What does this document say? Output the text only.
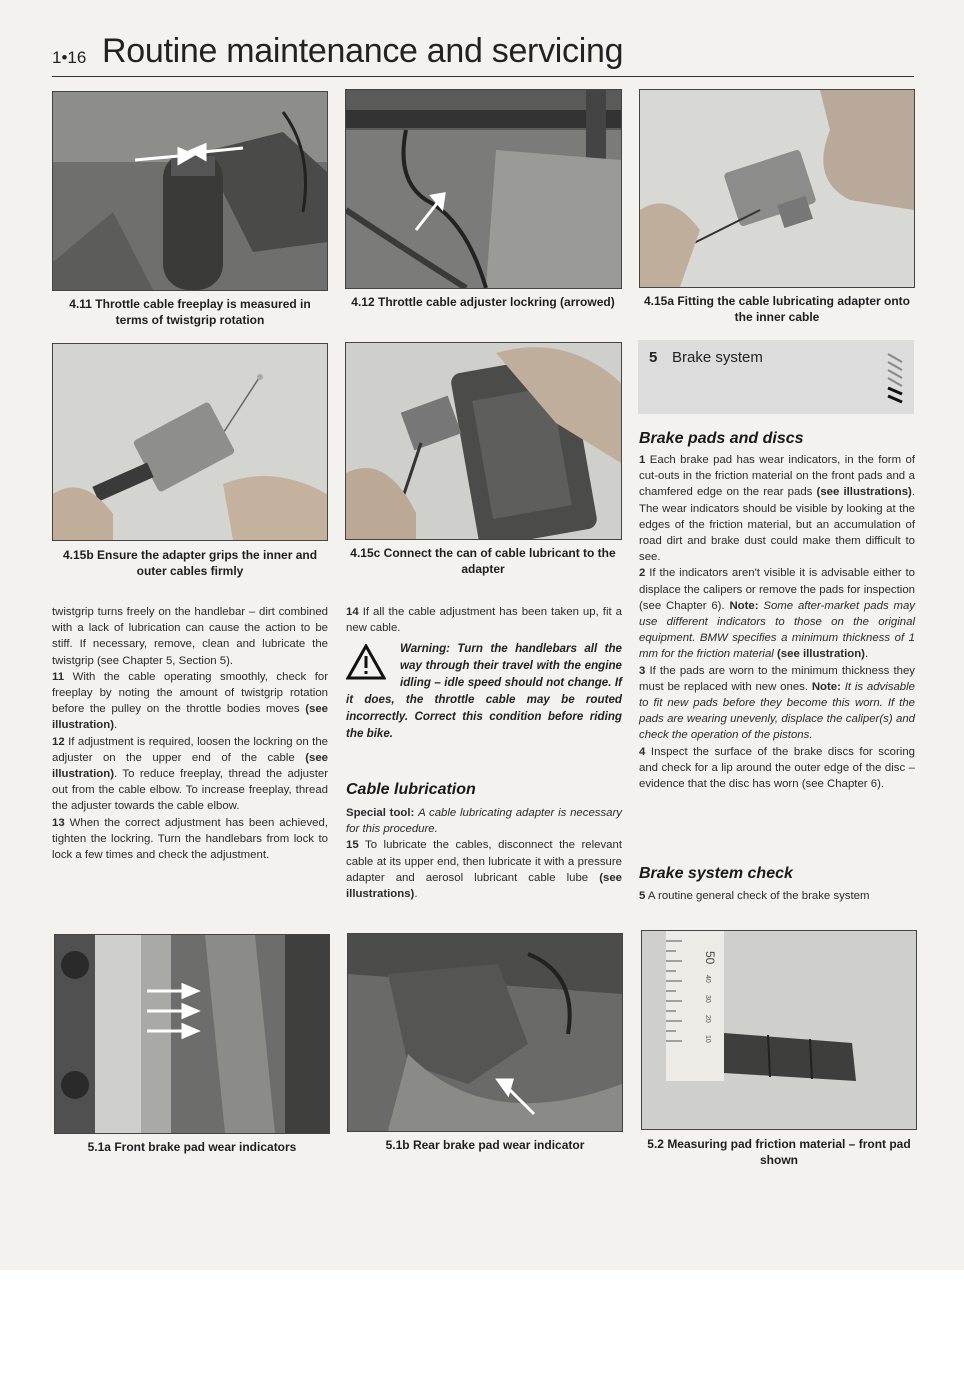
1•16 Routine maintenance and servicing
4.11 Throttle cable freeplay is measured in terms of twistgrip rotation
4.12 Throttle cable adjuster lockring (arrowed)	4.15a Fitting the cable lubricating adapter onto the inner cable
4.15b Ensure the adapter grips the inner and outer cables firmly
4.15c Connect the can of cable lubricant to the adapter
5 Brake system
Brake pads and discs

1 Each brake pad has wear indicators, in the form of cut-outs in the friction material on the front pads and a chamfered edge on the rear pads (see illustrations). The wear indicators should be visible by looking at the edges of the friction material, but an accumulation of road dirt and brake dust could make them difficult to see.

2 If the indicators aren't visible it is advisable either to displace the calipers or remove the pads for inspection (see Chapter 6). Note: Some after-market pads may use different indicators to those on the original equipment. BMW specifies a minimum thickness of 1 mm for the friction material (see illustration).

3 If the pads are worn to the minimum thickness they must be replaced with new ones. Note: It is advisable to fit new pads before they become this worn. If the pads are wearing unevenly, displace the caliper(s) and check the operation of the pistons.

4 Inspect the surface of the brake discs for scoring and check for a lip around the outer edge of the disc – evidence that the disc has worn (see Chapter 6).

Brake system check

5 A routine general check of the brake system

twistgrip turns freely on the handlebar – dirt combined with a lack of lubrication can cause the action to be stiff. If necessary, remove, clean and lubricate the twistgrip (see Chapter 5, Section 5).

11 With the cable operating smoothly, check for freeplay by noting the amount of twistgrip rotation before the pulley on the throttle bodies moves (see illustration).

12 If adjustment is required, loosen the lockring on the adjuster on the upper end of the cable (see illustration). To reduce freeplay, thread the adjuster out from the cable elbow. To increase freeplay, thread the adjuster towards the cable elbow.

13 When the correct adjustment has been achieved, tighten the lockring. Turn the handlebars from lock to lock a few times and check the adjustment.

14 If all the cable adjustment has been taken up, fit a new cable.

Warning: Turn the handlebars all the way through their travel with the engine idling – idle speed should not change. If it does, the throttle cable may be routed incorrectly. Correct this condition before riding the bike.
Cable lubrication

Special tool: A cable lubricating adapter is necessary for this procedure.

15 To lubricate the cables, disconnect the relevant cable at its upper end, then lubricate it with a pressure adapter and aerosol lubricant cable lube (see illustrations).

5.1a Front brake pad wear indicators	5.1b Rear brake pad wear indicator
50
40
30
20
10
5.2 Measuring pad friction material – front pad shown
